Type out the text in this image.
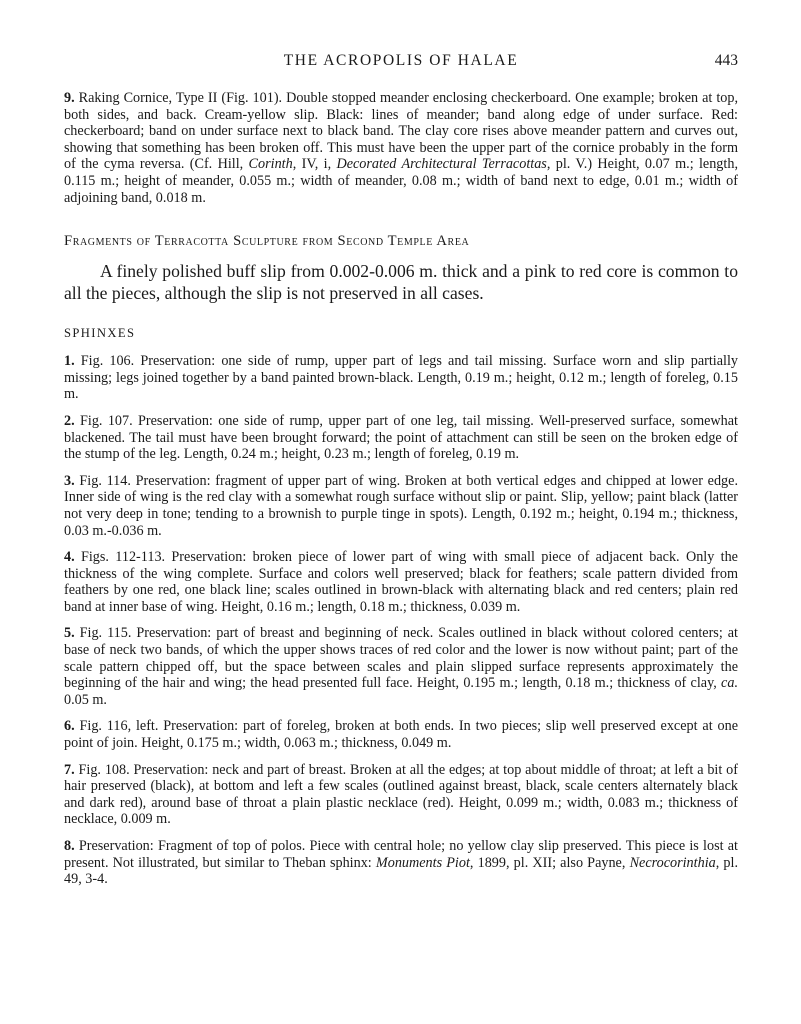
THE ACROPOLIS OF HALAE	443

9. Raking Cornice, Type II (Fig. 101). Double stopped meander enclosing checkerboard. One example; broken at top, both sides, and back. Cream-yellow slip. Black: lines of meander; band along edge of under surface. Red: checkerboard; band on under surface next to black band. The clay core rises above meander pattern and curves out, showing that something has been broken off. This must have been the upper part of the cornice probably in the form of the cyma reversa. (Cf. Hill, Corinth, IV, i, Decorated Architectural Terracottas, pl. V.) Height, 0.07 m.; length, 0.115 m.; height of meander, 0.055 m.; width of meander, 0.08 m.; width of band next to edge, 0.01 m.; width of adjoining band, 0.018 m.

Fragments of Terracotta Sculpture from Second Temple Area

A finely polished buff slip from 0.002-0.006 m. thick and a pink to red core is common to all the pieces, although the slip is not preserved in all cases.

SPHINXES

1. Fig. 106. Preservation: one side of rump, upper part of legs and tail missing. Surface worn and slip partially missing; legs joined together by a band painted brown-black. Length, 0.19 m.; height, 0.12 m.; length of foreleg, 0.15 m.

2. Fig. 107. Preservation: one side of rump, upper part of one leg, tail missing. Well-preserved surface, somewhat blackened. The tail must have been brought forward; the point of attachment can still be seen on the broken edge of the stump of the leg. Length, 0.24 m.; height, 0.23 m.; length of foreleg, 0.19 m.

3. Fig. 114. Preservation: fragment of upper part of wing. Broken at both vertical edges and chipped at lower edge. Inner side of wing is the red clay with a somewhat rough surface without slip or paint. Slip, yellow; paint black (latter not very deep in tone; tending to a brownish to purple tinge in spots). Length, 0.192 m.; height, 0.194 m.; thickness, 0.03 m.-0.036 m.

4. Figs. 112-113. Preservation: broken piece of lower part of wing with small piece of adjacent back. Only the thickness of the wing complete. Surface and colors well preserved; black for feathers; scale pattern divided from feathers by one red, one black line; scales outlined in brown-black with alternating black and red centers; plain red band at inner base of wing. Height, 0.16 m.; length, 0.18 m.; thickness, 0.039 m.

5. Fig. 115. Preservation: part of breast and beginning of neck. Scales outlined in black without colored centers; at base of neck two bands, of which the upper shows traces of red color and the lower is now without paint; part of the scale pattern chipped off, but the space between scales and plain slipped surface represents approximately the beginning of the hair and wing; the head presented full face. Height, 0.195 m.; length, 0.18 m.; thickness of clay, ca. 0.05 m.

6. Fig. 116, left. Preservation: part of foreleg, broken at both ends. In two pieces; slip well preserved except at one point of join. Height, 0.175 m.; width, 0.063 m.; thickness, 0.049 m.

7. Fig. 108. Preservation: neck and part of breast. Broken at all the edges; at top about middle of throat; at left a bit of hair preserved (black), at bottom and left a few scales (outlined against breast, black, scale centers alternately black and dark red), around base of throat a plain plastic necklace (red). Height, 0.099 m.; width, 0.083 m.; thickness of necklace, 0.009 m.

8. Preservation: Fragment of top of polos. Piece with central hole; no yellow clay slip preserved. This piece is lost at present. Not illustrated, but similar to Theban sphinx: Monuments Piot, 1899, pl. XII; also Payne, Necrocorinthia, pl. 49, 3-4.
